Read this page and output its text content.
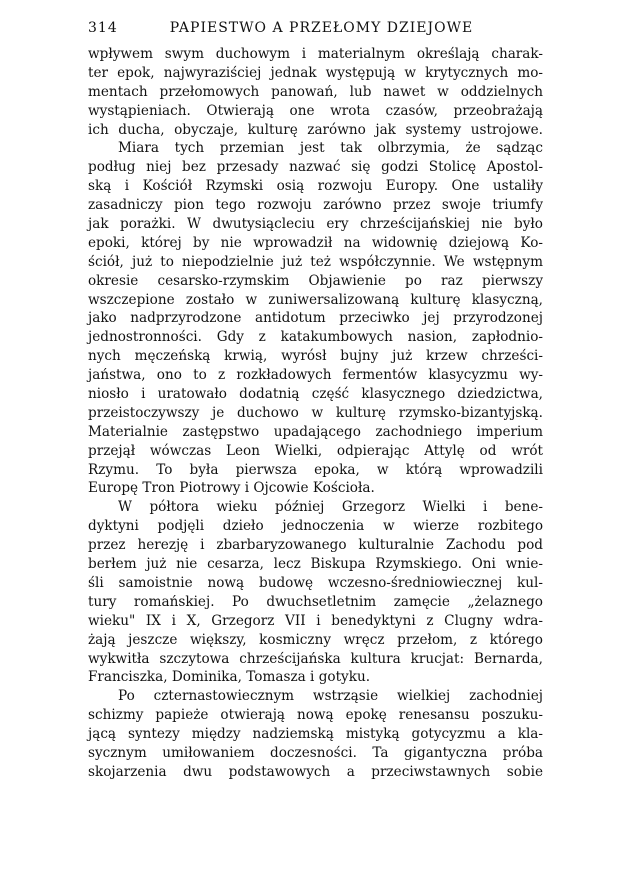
314	PAPIESTWO A PRZEŁOMY DZIEJOWE
wpływem swym duchowym i materialnym określają charak-
ter epok, najwyraziściej jednak występują w krytycznych mo-
mentach przełomowych panowań, lub nawet w oddzielnych
wystąpieniach. Otwierają one wrota czasów, przeobrażają
ich ducha, obyczaje, kulturę zarówno jak systemy ustrojowe.
Miara tych przemian jest tak olbrzymia, że sądząc
podług niej bez przesady nazwać się godzi Stolicę Apostol-
ską i Kościół Rzymski osią rozwoju Europy. One ustaliły
zasadniczy pion tego rozwoju zarówno przez swoje triumfy
jak porażki. W dwutysiącleciu ery chrześcijańskiej nie było
epoki, której by nie wprowadził na widownię dziejową Ko-
ściół, już to niepodzielnie już też współczynnie. We wstępnym
okresie cesarsko-rzymskim Objawienie po raz pierwszy
wszczepione zostało w zuniwersalizowaną kulturę klasyczną,
jako nadprzyrodzone antidotum przeciwko jej przyrodzonej
jednostronności. Gdy z katakumbowych nasion, zapłodnio-
nych męczeńską krwią, wyrósł bujny już krzew chrześci-
jaństwa, ono to z rozkładowych fermentów klasycyzmu wy-
niosło i uratowało dodatnią część klasycznego dziedzictwa,
przeistoczywszy je duchowo w kulturę rzymsko-bizantyjską.
Materialnie zastępstwo upadającego zachodniego imperium
przejął wówczas Leon Wielki, odpierając Attylę od wrót
Rzymu. To była pierwsza epoka, w którą wprowadzili
Europę Tron Piotrowy i Ojcowie Kościoła.
W półtora wieku później Grzegorz Wielki i bene-
dyktyni podjęli dzieło jednoczenia w wierze rozbitego
przez herezję i zbarbaryzowanego kulturalnie Zachodu pod
berłem już nie cesarza, lecz Biskupa Rzymskiego. Oni wnie-
śli samoistnie nową budowę wczesno-średniowiecznej kul-
tury romańskiej. Po dwuchsetletnim zamęcie „żelaznego
wieku" IX i X, Grzegorz VII i benedyktyni z Clugny wdra-
żają jeszcze większy, kosmiczny wręcz przełom, z którego
wykwitła szczytowa chrześcijańska kultura krucjat: Bernarda,
Franciszka, Dominika, Tomasza i gotyku.
Po czternastowiecznym wstrząsie wielkiej zachodniej
schizmy papieże otwierają nową epokę renesansu poszuku-
jącą syntezy między nadziemską mistyką gotycyzmu a kla-
sycznym umiłowaniem doczesności. Ta gigantyczna próba
skojarzenia dwu podstawowych a przeciwstawnych sobie
